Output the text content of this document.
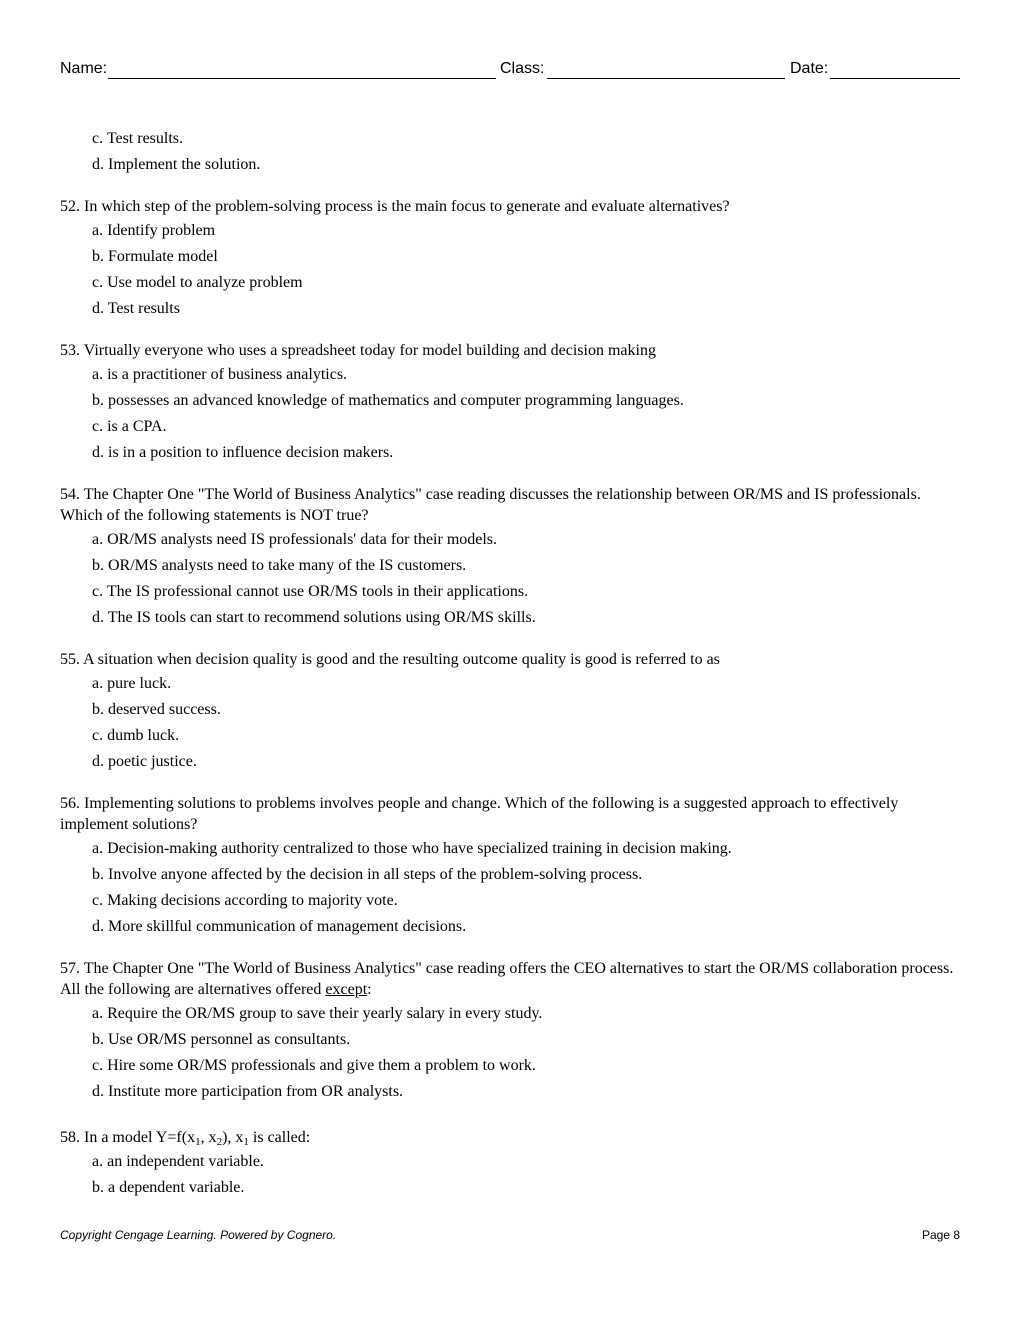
Name:	Class:	Date:
c. Test results.
d. Implement the solution.
52. In which step of the problem-solving process is the main focus to generate and evaluate alternatives?
a. Identify problem
b. Formulate model
c. Use model to analyze problem
d. Test results
53. Virtually everyone who uses a spreadsheet today for model building and decision making
a. is a practitioner of business analytics.
b. possesses an advanced knowledge of mathematics and computer programming languages.
c. is a CPA.
d. is in a position to influence decision makers.
54. The Chapter One "The World of Business Analytics" case reading discusses the relationship between OR/MS and IS professionals. Which of the following statements is NOT true?
a. OR/MS analysts need IS professionals' data for their models.
b. OR/MS analysts need to take many of the IS customers.
c. The IS professional cannot use OR/MS tools in their applications.
d. The IS tools can start to recommend solutions using OR/MS skills.
55. A situation when decision quality is good and the resulting outcome quality is good is referred to as
a. pure luck.
b. deserved success.
c. dumb luck.
d. poetic justice.
56. Implementing solutions to problems involves people and change. Which of the following is a suggested approach to effectively implement solutions?
a. Decision-making authority centralized to those who have specialized training in decision making.
b. Involve anyone affected by the decision in all steps of the problem-solving process.
c. Making decisions according to majority vote.
d. More skillful communication of management decisions.
57. The Chapter One "The World of Business Analytics" case reading offers the CEO alternatives to start the OR/MS collaboration process. All the following are alternatives offered except:
a. Require the OR/MS group to save their yearly salary in every study.
b. Use OR/MS personnel as consultants.
c. Hire some OR/MS professionals and give them a problem to work.
d. Institute more participation from OR analysts.
58. In a model $Y=f(x_1$, $x_2$), $x_1$ is called:
a. an independent variable.
b. a dependent variable.
Copyright Cengage Learning. Powered by Cognero.	Page 8
